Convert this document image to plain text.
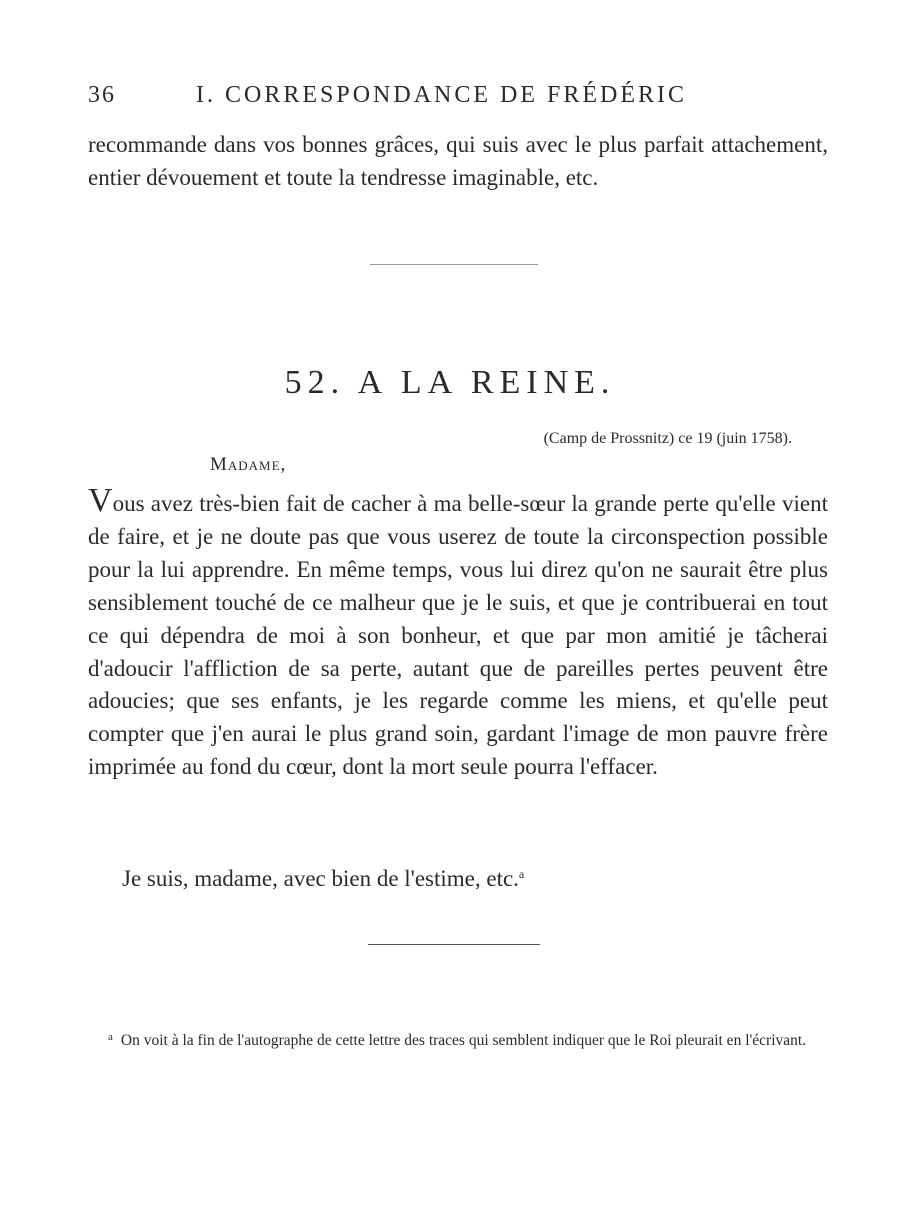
36	I. CORRESPONDANCE DE FRÉDÉRIC

recommande dans vos bonnes grâces, qui suis avec le plus parfait attachement, entier dévouement et toute la tendresse imaginable, etc.

52. A LA REINE.
(Camp de Prossnitz) ce 19 (juin 1758).
Madame,

Vous avez très-bien fait de cacher à ma belle-sœur la grande perte qu'elle vient de faire, et je ne doute pas que vous userez de toute la circonspection possible pour la lui apprendre. En même temps, vous lui direz qu'on ne saurait être plus sensiblement touché de ce malheur que je le suis, et que je contribuerai en tout ce qui dépendra de moi à son bonheur, et que par mon amitié je tâcherai d'adoucir l'affliction de sa perte, autant que de pareilles pertes peuvent être adoucies; que ses enfants, je les regarde comme les miens, et qu'elle peut compter que j'en aurai le plus grand soin, gardant l'image de mon pauvre frère imprimée au fond du cœur, dont la mort seule pourra l'effacer.

Je suis, madame, avec bien de l'estime, etc.$^a$

$^a$ On voit à la fin de l'autographe de cette lettre des traces qui semblent indiquer que le Roi pleurait en l'écrivant.
